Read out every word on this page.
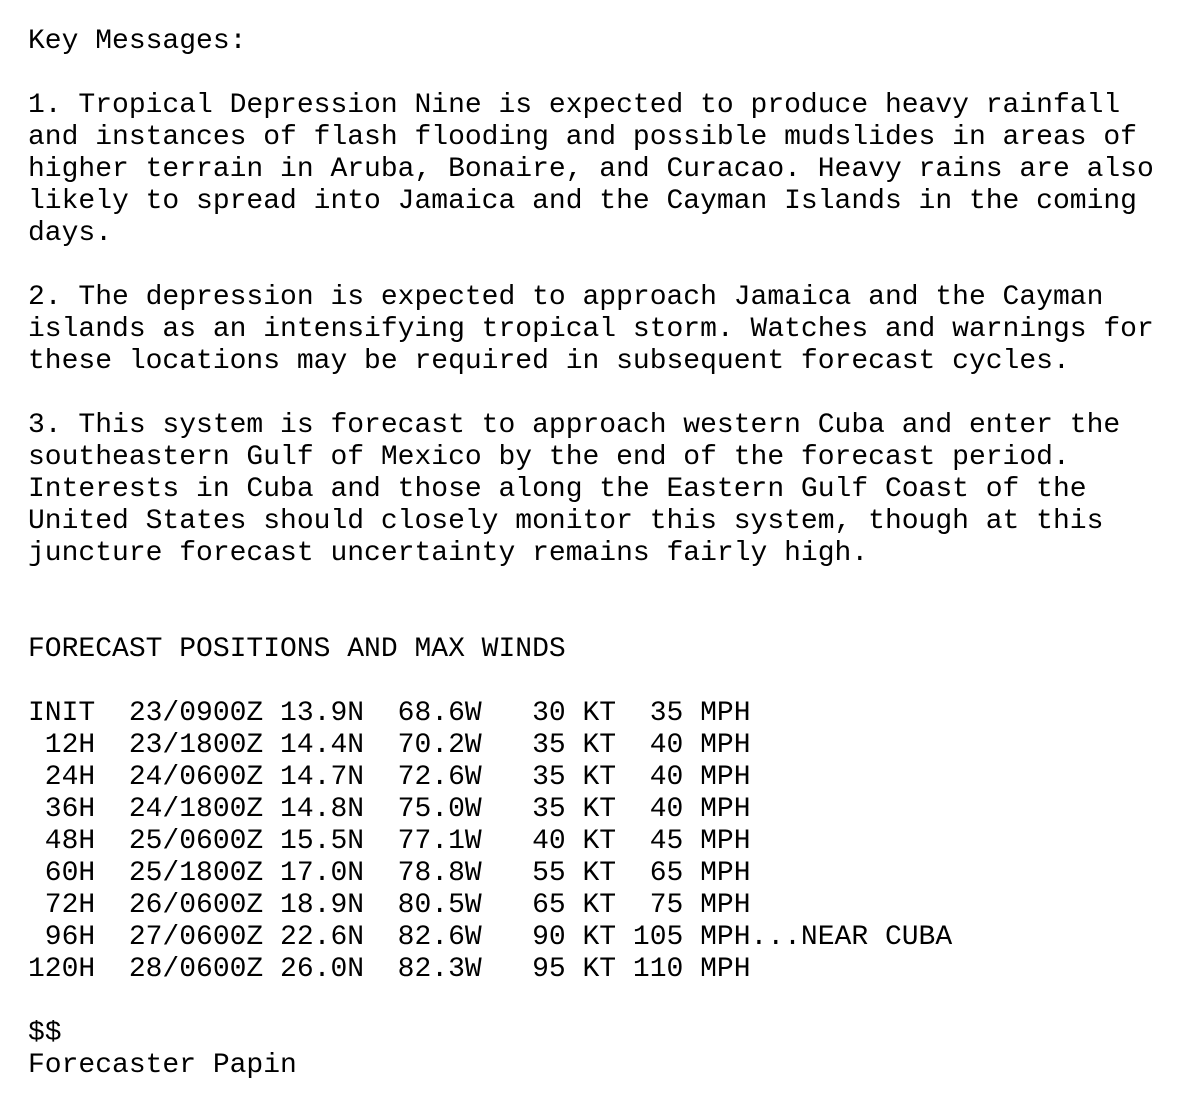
Key Messages:

1. Tropical Depression Nine is expected to produce heavy rainfall
and instances of flash flooding and possible mudslides in areas of
higher terrain in Aruba, Bonaire, and Curacao. Heavy rains are also
likely to spread into Jamaica and the Cayman Islands in the coming
days.

2. The depression is expected to approach Jamaica and the Cayman
islands as an intensifying tropical storm. Watches and warnings for
these locations may be required in subsequent forecast cycles.

3. This system is forecast to approach western Cuba and enter the
southeastern Gulf of Mexico by the end of the forecast period.
Interests in Cuba and those along the Eastern Gulf Coast of the
United States should closely monitor this system, though at this
juncture forecast uncertainty remains fairly high.

FORECAST POSITIONS AND MAX WINDS

INIT  23/0900Z 13.9N  68.6W   30 KT  35 MPH
12H  23/1800Z 14.4N  70.2W   35 KT  40 MPH
24H  24/0600Z 14.7N  72.6W   35 KT  40 MPH
36H  24/1800Z 14.8N  75.0W   35 KT  40 MPH
48H  25/0600Z 15.5N  77.1W   40 KT  45 MPH
60H  25/1800Z 17.0N  78.8W   55 KT  65 MPH
72H  26/0600Z 18.9N  80.5W   65 KT  75 MPH
96H  27/0600Z 22.6N  82.6W   90 KT 105 MPH...NEAR CUBA
120H  28/0600Z 26.0N  82.3W   95 KT 110 MPH

$$
Forecaster Papin
